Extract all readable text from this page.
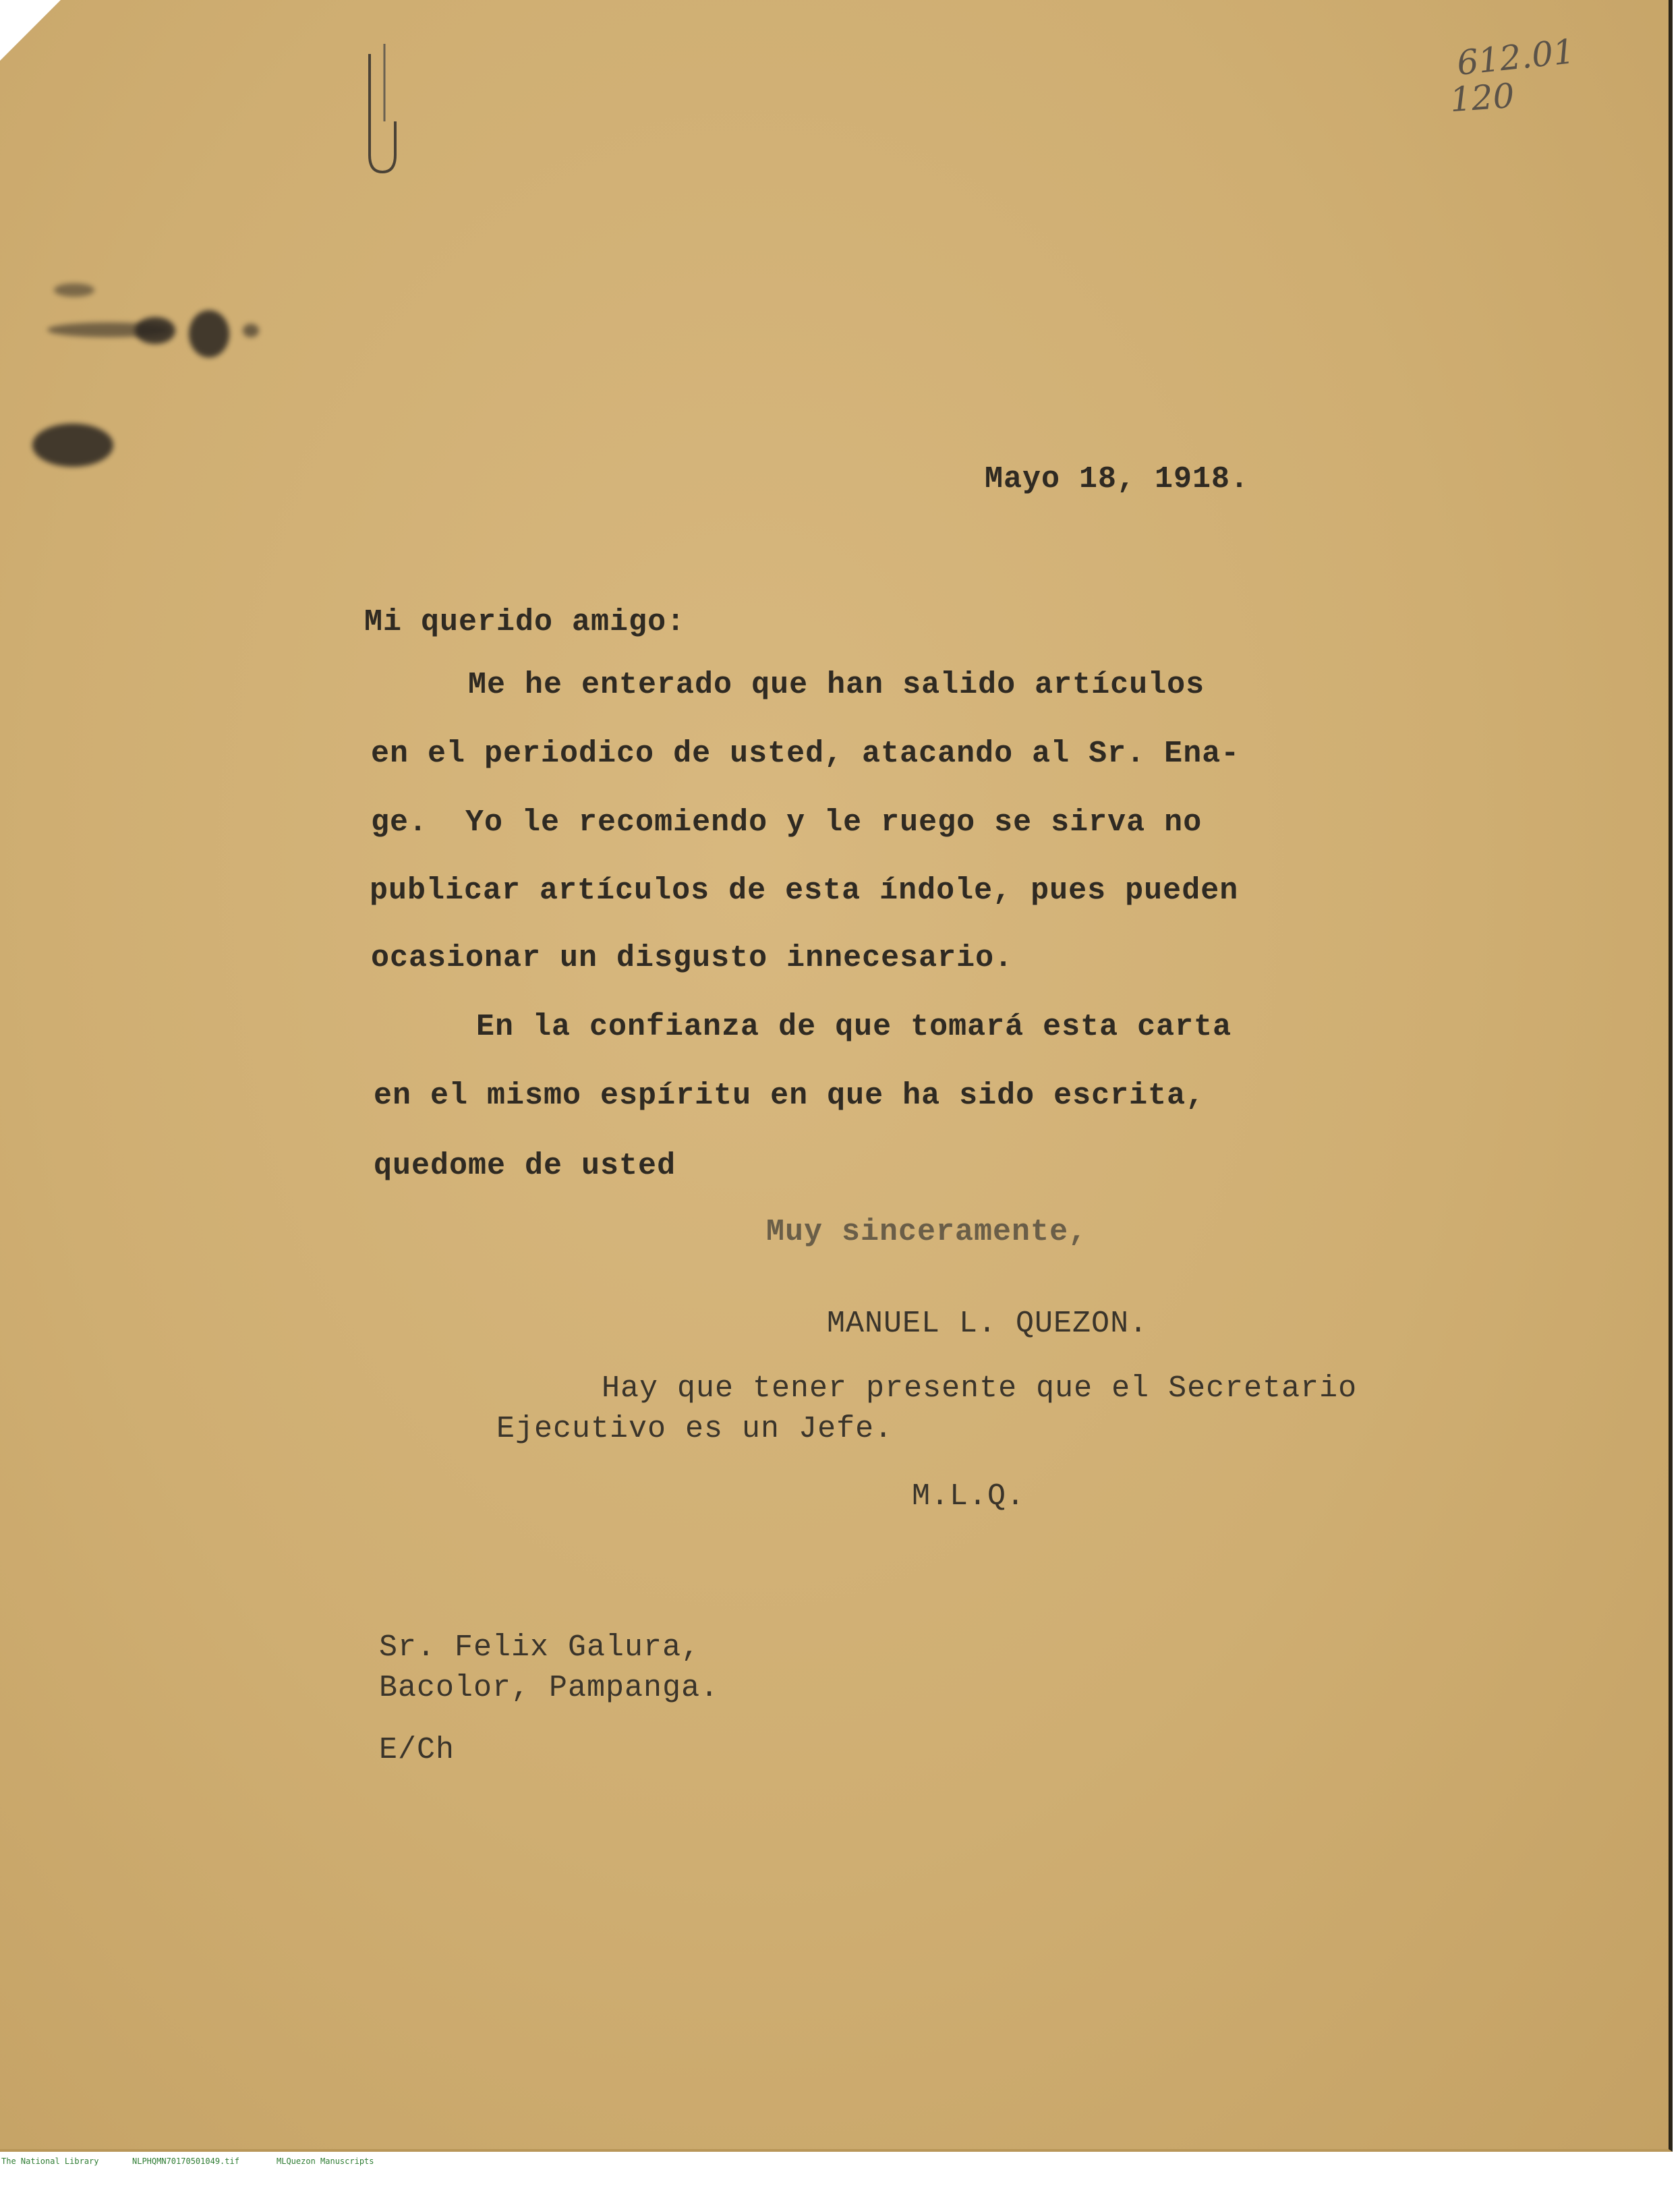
612.01
120
Mayo 18, 1918.
Mi querido amigo:
Me he enterado que han salido artículos
en el periodico de usted, atacando al Sr. Ena-
ge.  Yo le recomiendo y le ruego se sirva no
publicar artículos de esta índole, pues pueden
ocasionar un disgusto innecesario.
En la confianza de que tomará esta carta
en el mismo espíritu en que ha sido escrita,
quedome de usted
Muy sinceramente,
MANUEL L. QUEZON.
Hay que tener presente que el Secretario
Ejecutivo es un Jefe.
M.L.Q.
Sr. Felix Galura,
Bacolor, Pampanga.
E/Ch

The National Library

	NLPHQMN70170501049.tif

	MLQuezon Manuscripts
